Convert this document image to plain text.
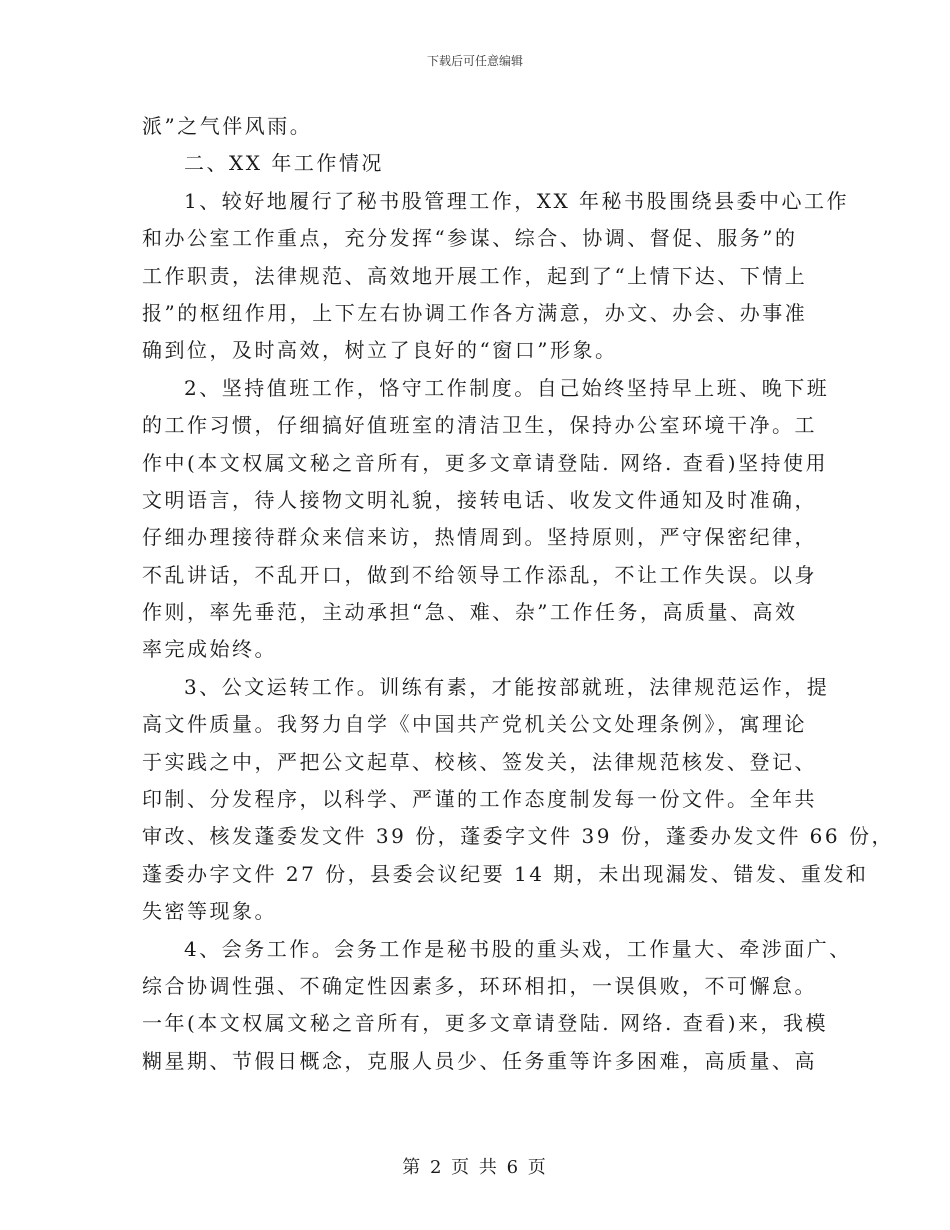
下载后可任意编辑
派”之气伴风雨。
二、XX 年工作情况
1、较好地履行了秘书股管理工作，XX 年秘书股围绕县委中心工作
和办公室工作重点，充分发挥“参谋、综合、协调、督促、服务”的
工作职责，法律规范、高效地开展工作，起到了“上情下达、下情上
报”的枢纽作用，上下左右协调工作各方满意，办文、办会、办事准
确到位，及时高效，树立了良好的“窗口”形象。
2、坚持值班工作，恪守工作制度。自己始终坚持早上班、晚下班
的工作习惯，仔细搞好值班室的清洁卫生，保持办公室环境干净。工
作中(本文权属文秘之音所有，更多文章请登陆. 网络. 查看)坚持使用
文明语言，待人接物文明礼貌，接转电话、收发文件通知及时准确，
仔细办理接待群众来信来访，热情周到。坚持原则，严守保密纪律，
不乱讲话，不乱开口，做到不给领导工作添乱，不让工作失误。以身
作则，率先垂范，主动承担“急、难、杂”工作任务，高质量、高效
率完成始终。
3、公文运转工作。训练有素，才能按部就班，法律规范运作，提
高文件质量。我努力自学《中国共产党机关公文处理条例》，寓理论
于实践之中，严把公文起草、校核、签发关，法律规范核发、登记、
印制、分发程序，以科学、严谨的工作态度制发每一份文件。全年共
审改、核发蓬委发文件 39 份，蓬委字文件 39 份，蓬委办发文件 66 份，
蓬委办字文件 27 份，县委会议纪要 14 期，未出现漏发、错发、重发和
失密等现象。
4、会务工作。会务工作是秘书股的重头戏，工作量大、牵涉面广、
综合协调性强、不确定性因素多，环环相扣，一误俱败，不可懈怠。
一年(本文权属文秘之音所有，更多文章请登陆. 网络. 查看)来，我模
糊星期、节假日概念，克服人员少、任务重等许多困难，高质量、高
第 2 页 共 6 页
